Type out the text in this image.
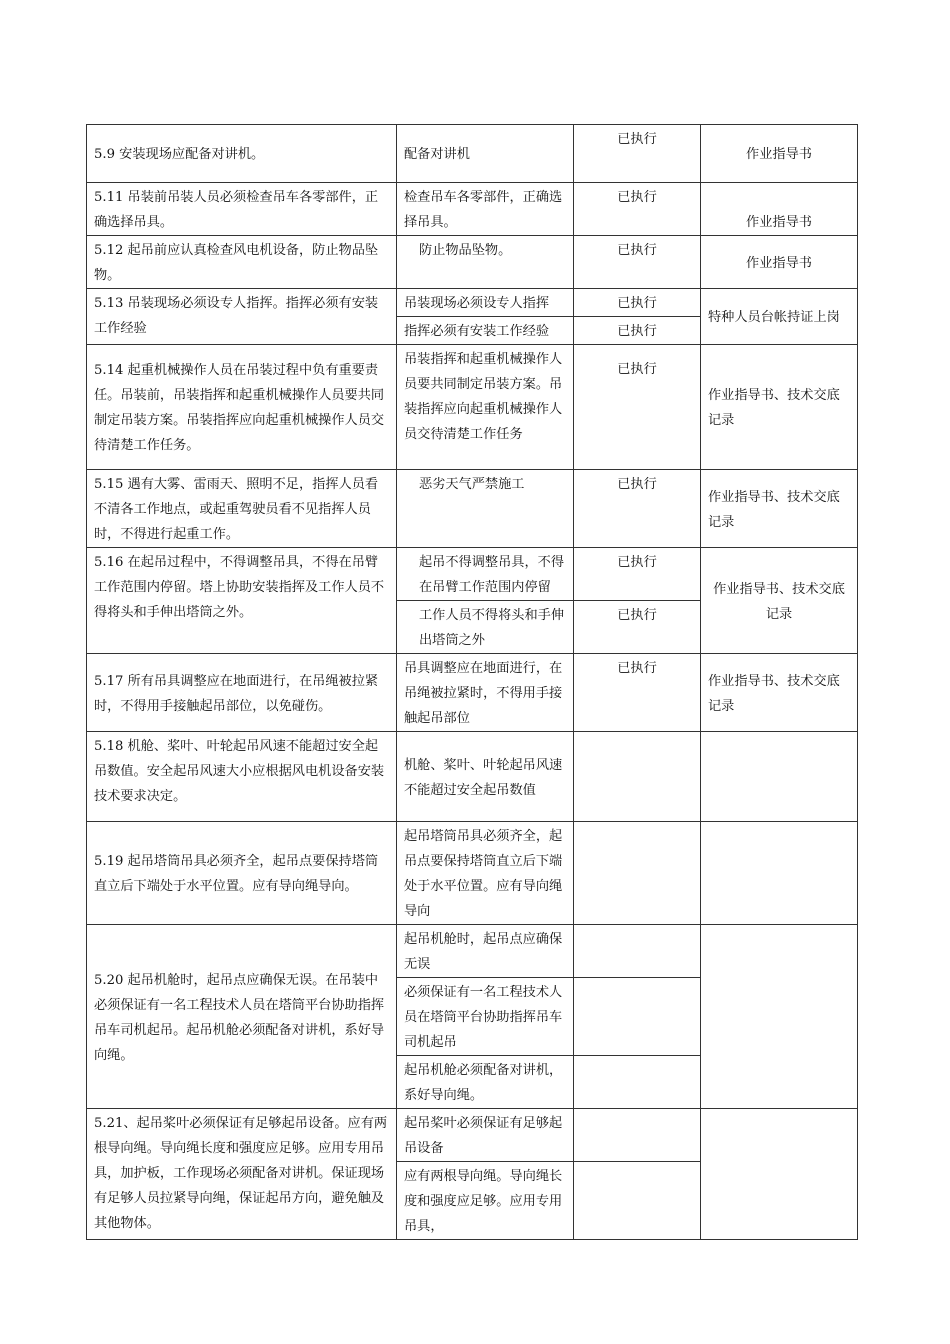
5.9 安装现场应配备对讲机。	配备对讲机	已执行	作业指导书
5.11 吊装前吊装人员必须检查吊车各零部件，正确选择吊具。	检查吊车各零部件，正确选择吊具。	已执行	作业指导书
5.12 起吊前应认真检查风电机设备，防止物品坠物。	防止物品坠物。	已执行	作业指导书
5.13 吊装现场必须设专人指挥。指挥必须有安装工作经验	吊装现场必须设专人指挥	已执行	特种人员台帐持证上岗
	指挥必须有安装工作经验	已执行	
5.14 起重机械操作人员在吊装过程中负有重要责任。吊装前，吊装指挥和起重机械操作人员要共同制定吊装方案。吊装指挥应向起重机械操作人员交待清楚工作任务。	吊装指挥和起重机械操作人员要共同制定吊装方案。吊装指挥应向起重机械操作人员交待清楚工作任务	已执行	作业指导书、技术交底记录
5.15 遇有大雾、雷雨天、照明不足，指挥人员看不清各工作地点，或起重驾驶员看不见指挥人员时，不得进行起重工作。	恶劣天气严禁施工	已执行	作业指导书、技术交底记录
5.16 在起吊过程中，不得调整吊具，不得在吊臂工作范围内停留。塔上协助安装指挥及工作人员不得将头和手伸出塔筒之外。	起吊不得调整吊具，不得在吊臂工作范围内停留	已执行	作业指导书、技术交底记录
	工作人员不得将头和手伸出塔筒之外	已执行	
5.17 所有吊具调整应在地面进行，在吊绳被拉紧时，不得用手接触起吊部位，以免碰伤。	吊具调整应在地面进行，在吊绳被拉紧时，不得用手接触起吊部位	已执行	作业指导书、技术交底记录
5.18 机舱、桨叶、叶轮起吊风速不能超过安全起吊数值。安全起吊风速大小应根据风电机设备安装技术要求决定。	机舱、桨叶、叶轮起吊风速不能超过安全起吊数值		
5.19 起吊塔筒吊具必须齐全，起吊点要保持塔筒直立后下端处于水平位置。应有导向绳导向。	起吊塔筒吊具必须齐全，起吊点要保持塔筒直立后下端处于水平位置。应有导向绳导向		
5.20 起吊机舱时，起吊点应确保无误。在吊装中必须保证有一名工程技术人员在塔筒平台协助指挥吊车司机起吊。起吊机舱必须配备对讲机，系好导向绳。	起吊机舱时，起吊点应确保无误		
	必须保证有一名工程技术人员在塔筒平台协助指挥吊车司机起吊		
	起吊机舱必须配备对讲机，系好导向绳。		
5.21、起吊桨叶必须保证有足够起吊设备。应有两根导向绳。导向绳长度和强度应足够。应用专用吊具，加护板，工作现场必须配备对讲机。保证现场有足够人员拉紧导向绳，保证起吊方向，避免触及其他物体。	起吊桨叶必须保证有足够起吊设备		
	应有两根导向绳。导向绳长度和强度应足够。应用专用吊具，		
